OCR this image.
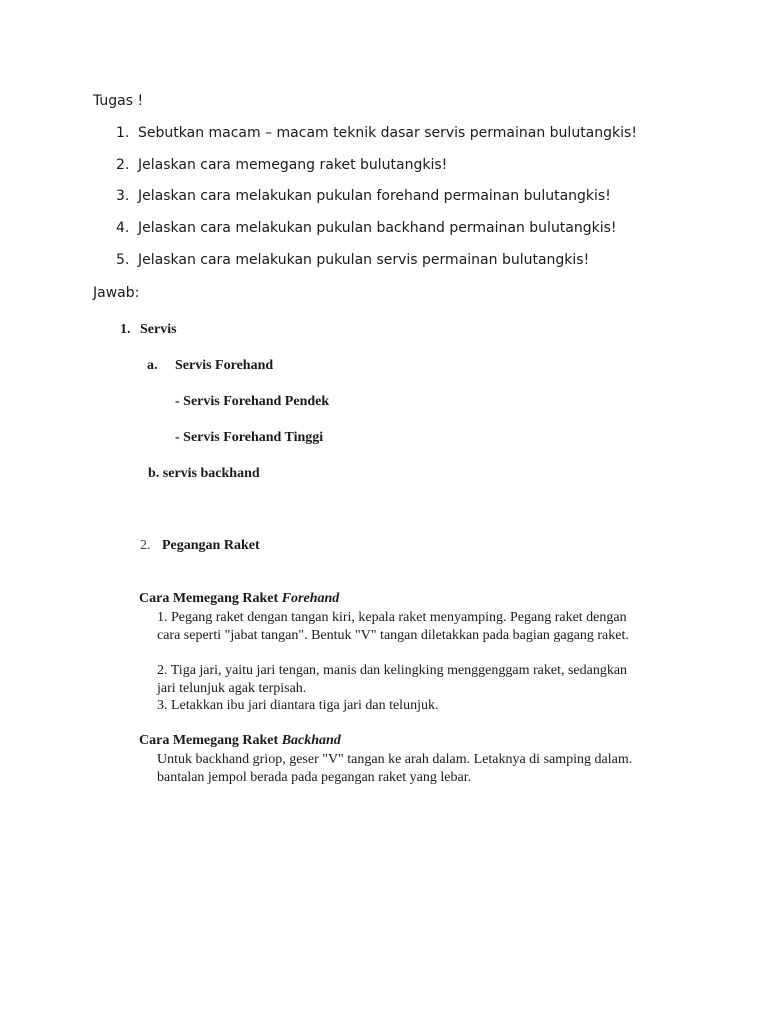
Tugas !
1. Sebutkan macam – macam teknik dasar servis permainan bulutangkis!
2. Jelaskan cara memegang raket bulutangkis!
3. Jelaskan cara melakukan pukulan forehand permainan bulutangkis!
4. Jelaskan cara melakukan pukulan backhand permainan bulutangkis!
5. Jelaskan cara melakukan pukulan servis permainan bulutangkis!
Jawab:
1. Servis
a. Servis Forehand
- Servis Forehand Pendek
- Servis Forehand Tinggi
b. servis backhand
2. Pegangan Raket
Cara Memegang Raket Forehand
1. Pegang raket dengan tangan kiri, kepala raket menyamping. Pegang raket dengan cara seperti "jabat tangan". Bentuk "V" tangan diletakkan pada bagian gagang raket.
2. Tiga jari, yaitu jari tengan, manis dan kelingking menggenggam raket, sedangkan jari telunjuk agak terpisah.
3. Letakkan ibu jari diantara tiga jari dan telunjuk.
Cara Memegang Raket Backhand
Untuk backhand griop, geser "V" tangan ke arah dalam. Letaknya di samping dalam. bantalan jempol berada pada pegangan raket yang lebar.
